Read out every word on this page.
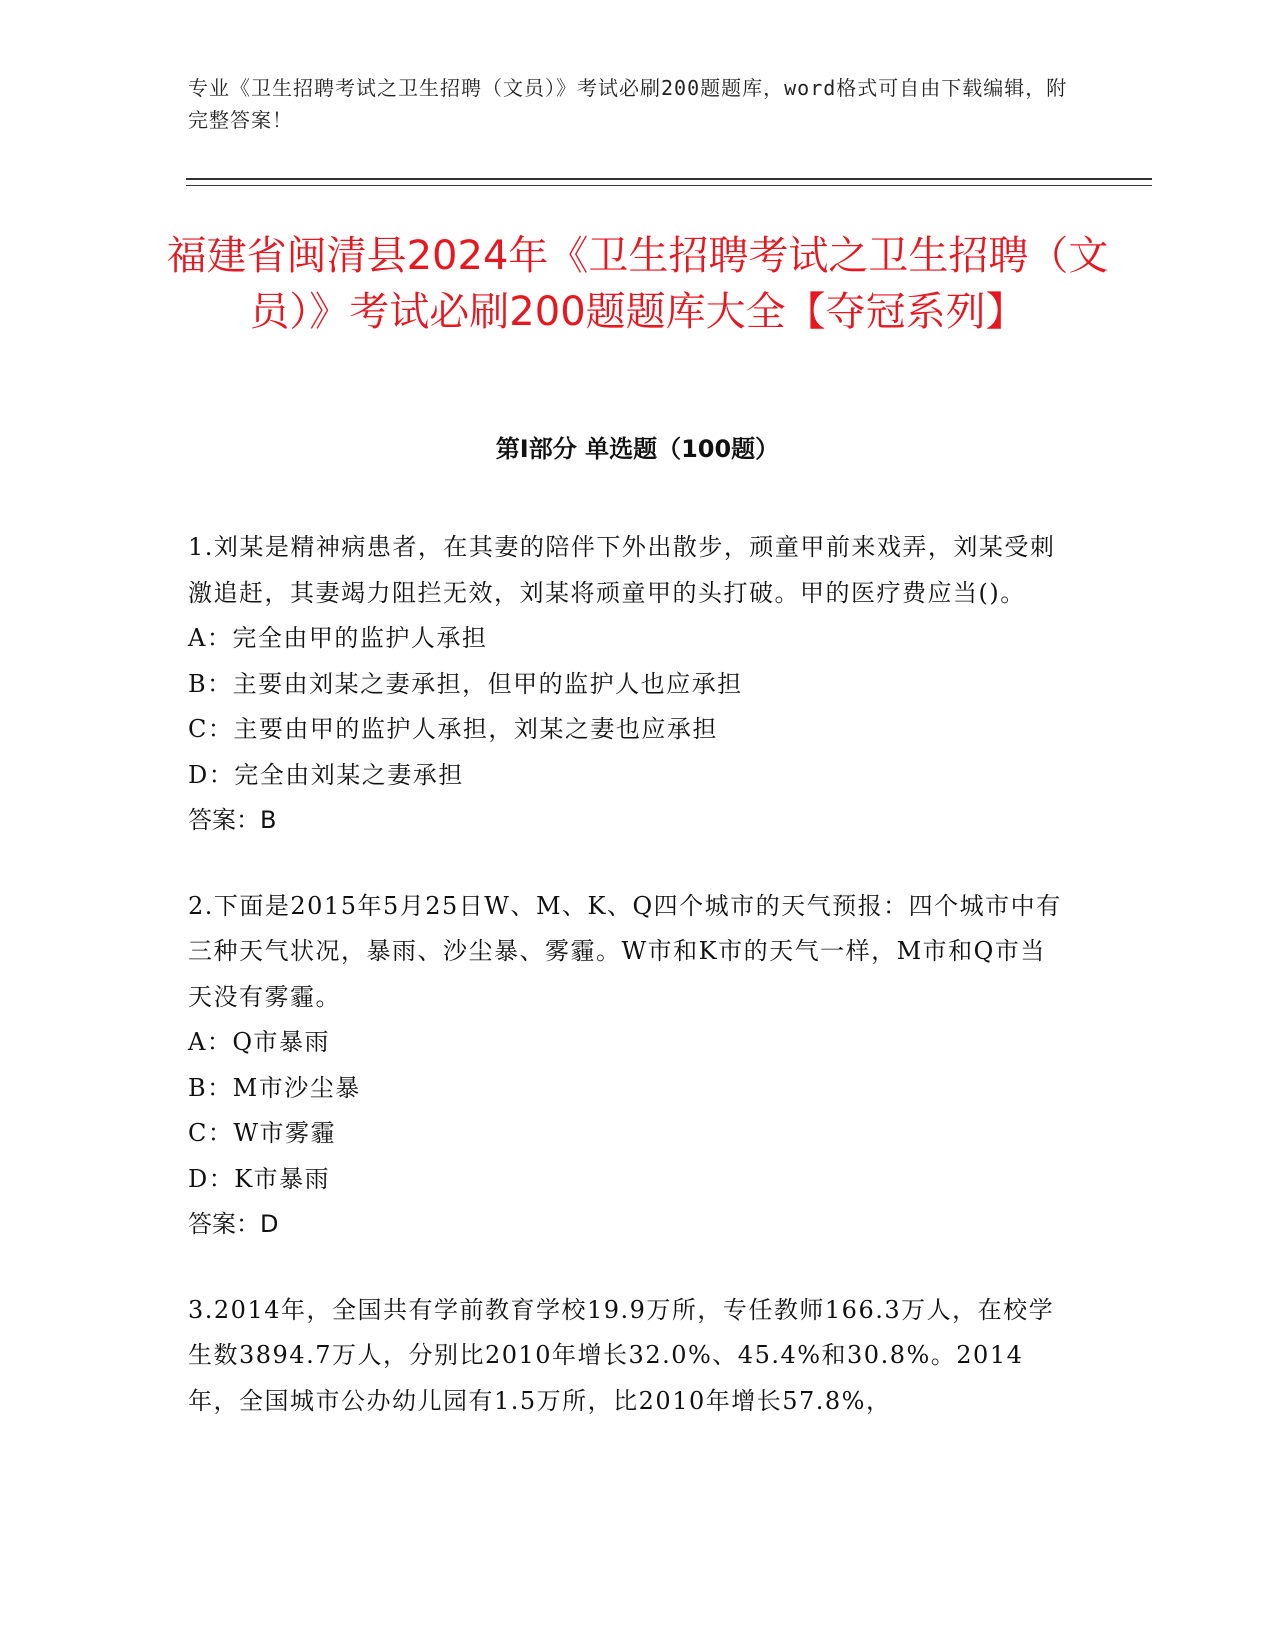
专业《卫生招聘考试之卫生招聘（文员）》考试必刷200题题库，word格式可自由下载编辑，附完整答案！
福建省闽清县2024年《卫生招聘考试之卫生招聘（文员）》考试必刷200题题库大全【夺冠系列】
第Ⅰ部分 单选题（100题）

1.刘某是精神病患者，在其妻的陪伴下外出散步，顽童甲前来戏弄，刘某受刺激追赶，其妻竭力阻拦无效，刘某将顽童甲的头打破。甲的医疗费应当()。

A：完全由甲的监护人承担

B：主要由刘某之妻承担，但甲的监护人也应承担

C：主要由甲的监护人承担，刘某之妻也应承担

D：完全由刘某之妻承担

答案：B

2.下面是2015年5月25日W、M、K、Q四个城市的天气预报：四个城市中有三种天气状况，暴雨、沙尘暴、雾霾。W市和K市的天气一样，M市和Q市当天没有雾霾。

A：Q市暴雨

B：M市沙尘暴

C：W市雾霾

D：K市暴雨

答案：D

3.2014年，全国共有学前教育学校19.9万所，专任教师166.3万人，在校学生数3894.7万人，分别比2010年增长32.0%、45.4%和30.8%。2014年，全国城市公办幼儿园有1.5万所，比2010年增长57.8%，
